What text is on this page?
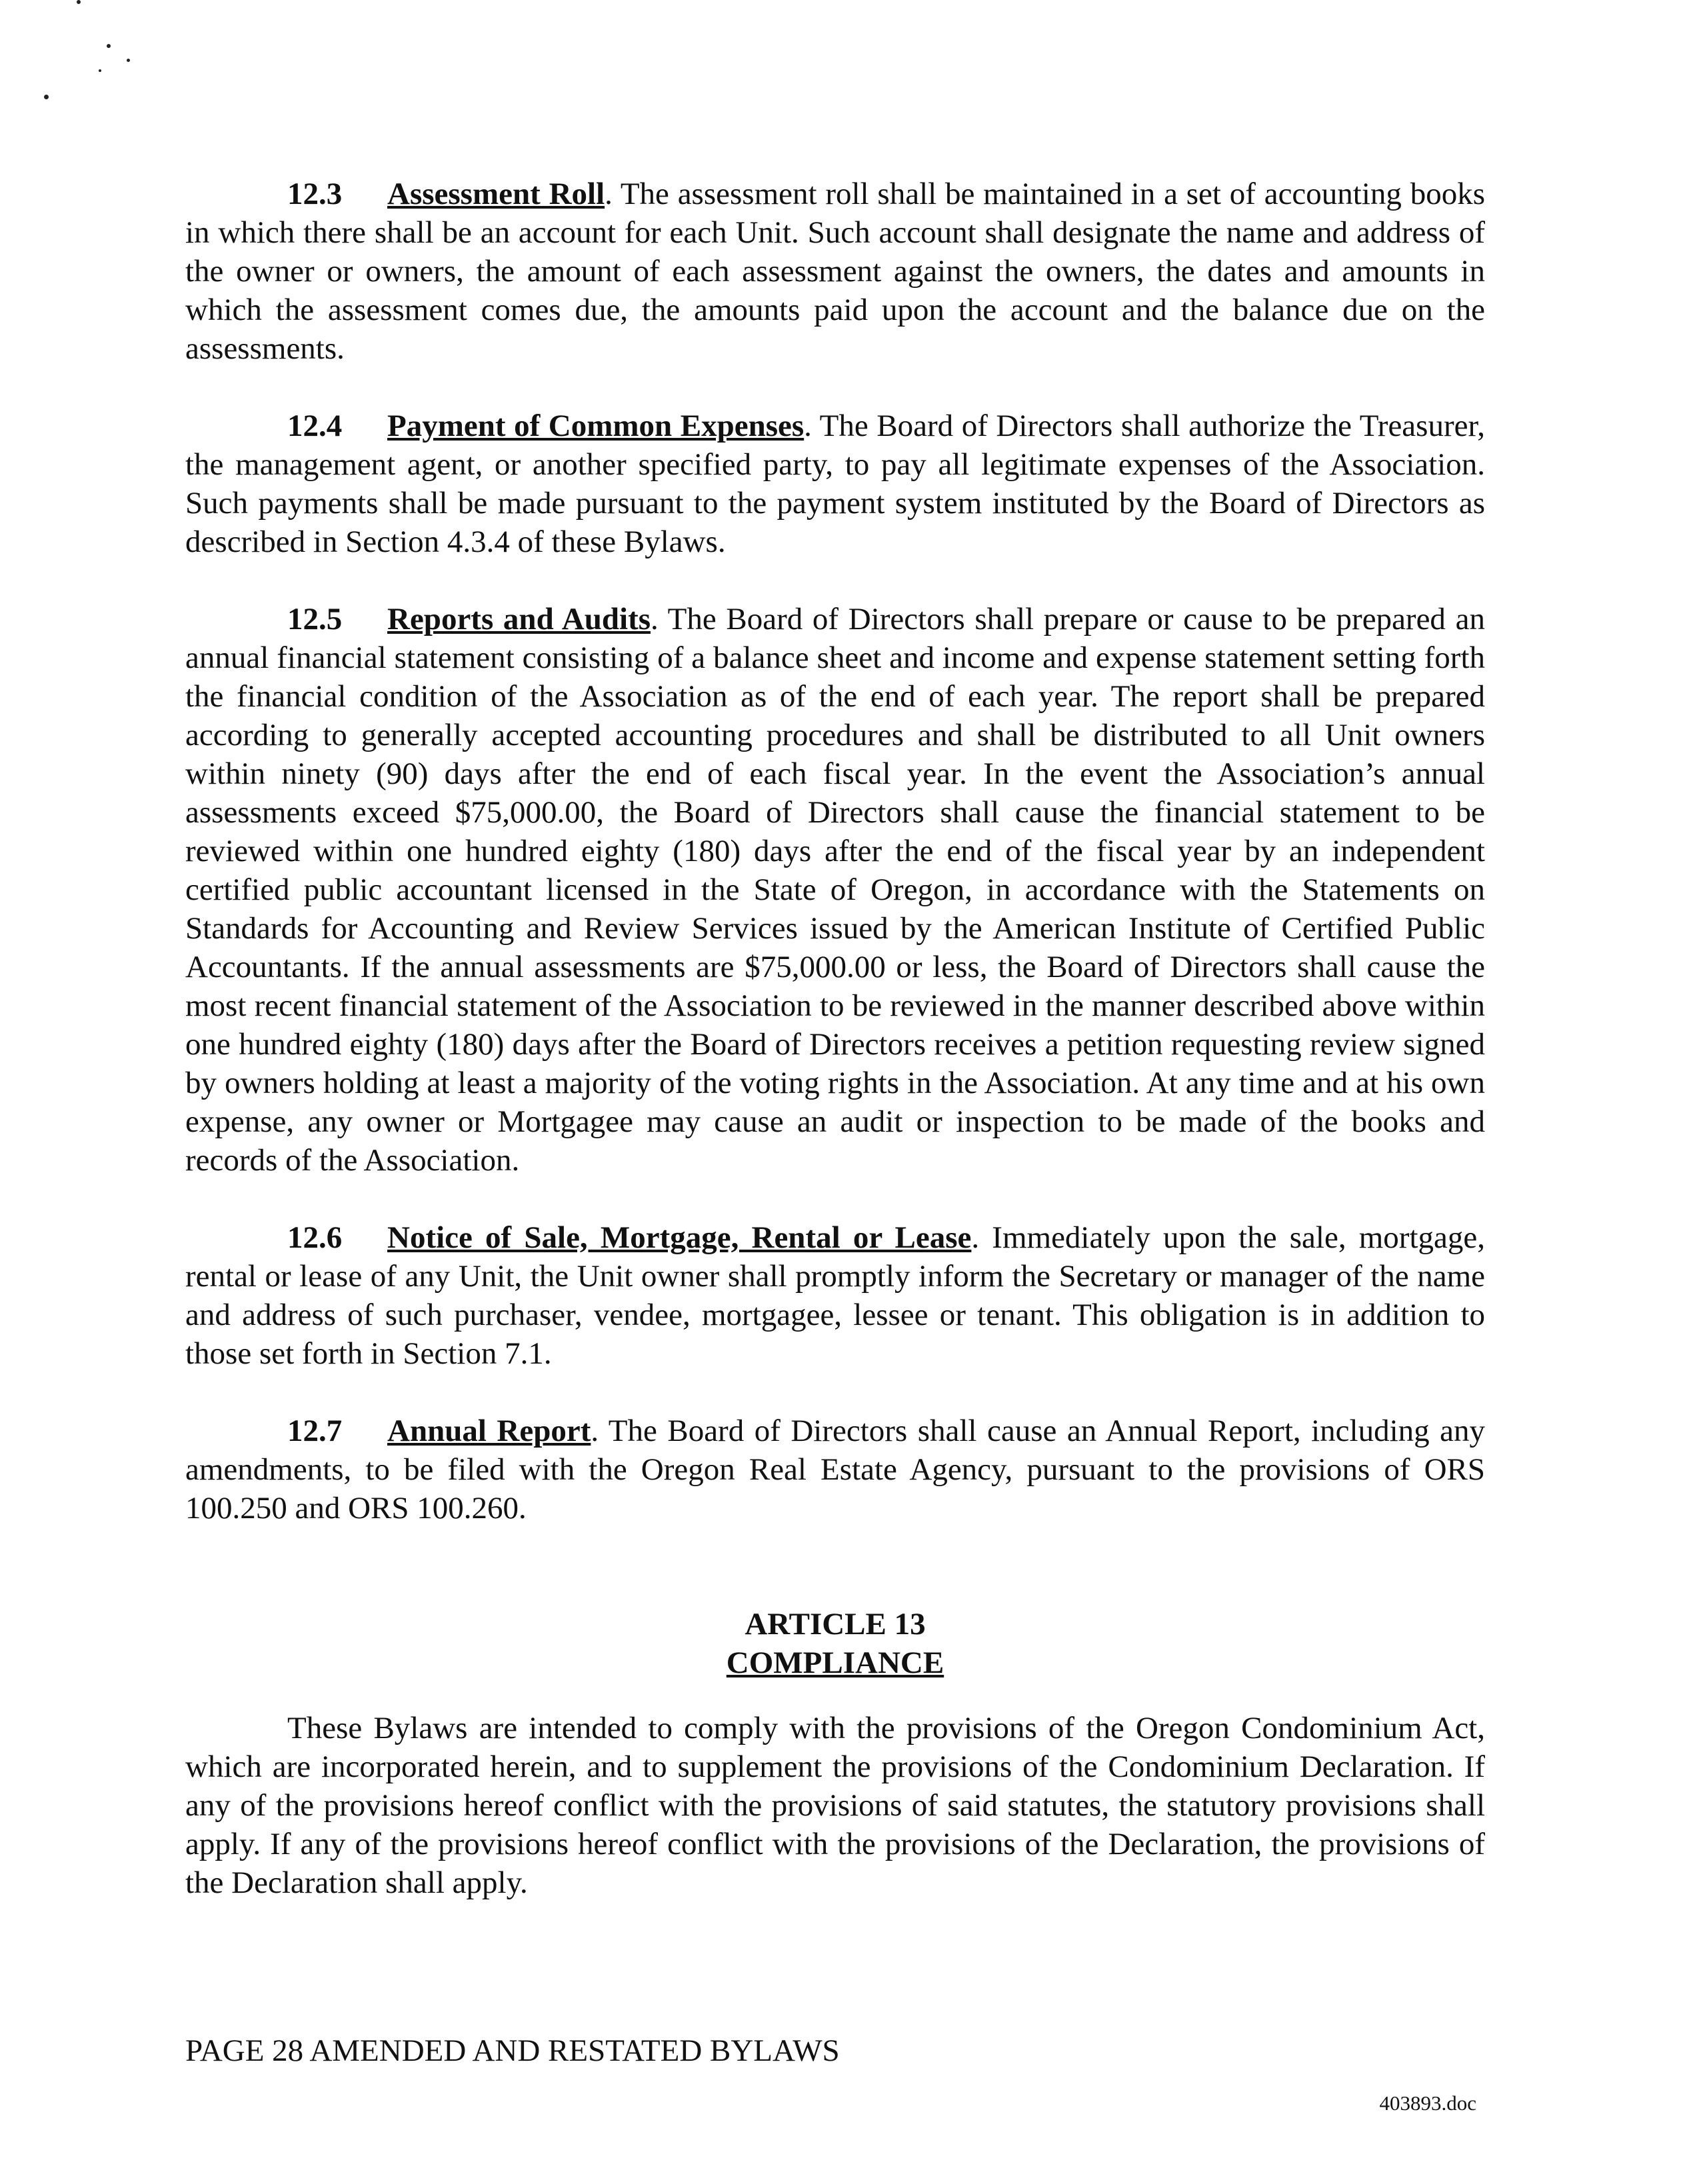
12.3 Assessment Roll. The assessment roll shall be maintained in a set of accounting books in which there shall be an account for each Unit. Such account shall designate the name and address of the owner or owners, the amount of each assessment against the owners, the dates and amounts in which the assessment comes due, the amounts paid upon the account and the balance due on the assessments.

12.4 Payment of Common Expenses. The Board of Directors shall authorize the Treasurer, the management agent, or another specified party, to pay all legitimate expenses of the Association. Such payments shall be made pursuant to the payment system instituted by the Board of Directors as described in Section 4.3.4 of these Bylaws.

12.5 Reports and Audits. The Board of Directors shall prepare or cause to be prepared an annual financial statement consisting of a balance sheet and income and expense statement setting forth the financial condition of the Association as of the end of each year. The report shall be prepared according to generally accepted accounting procedures and shall be distributed to all Unit owners within ninety (90) days after the end of each fiscal year. In the event the Association’s annual assessments exceed $75,000.00, the Board of Directors shall cause the financial statement to be reviewed within one hundred eighty (180) days after the end of the fiscal year by an independent certified public accountant licensed in the State of Oregon, in accordance with the Statements on Standards for Accounting and Review Services issued by the American Institute of Certified Public Accountants. If the annual assessments are $75,000.00 or less, the Board of Directors shall cause the most recent financial statement of the Association to be reviewed in the manner described above within one hundred eighty (180) days after the Board of Directors receives a petition requesting review signed by owners holding at least a majority of the voting rights in the Association. At any time and at his own expense, any owner or Mortgagee may cause an audit or inspection to be made of the books and records of the Association.

12.6 Notice of Sale, Mortgage, Rental or Lease. Immediately upon the sale, mortgage, rental or lease of any Unit, the Unit owner shall promptly inform the Secretary or manager of the name and address of such purchaser, vendee, mortgagee, lessee or tenant. This obligation is in addition to those set forth in Section 7.1.

12.7 Annual Report. The Board of Directors shall cause an Annual Report, including any amendments, to be filed with the Oregon Real Estate Agency, pursuant to the provisions of ORS 100.250 and ORS 100.260.

ARTICLE 13
COMPLIANCE

These Bylaws are intended to comply with the provisions of the Oregon Condominium Act, which are incorporated herein, and to supplement the provisions of the Condominium Declaration. If any of the provisions hereof conflict with the provisions of said statutes, the statutory provisions shall apply. If any of the provisions hereof conflict with the provisions of the Declaration, the provisions of the Declaration shall apply.

PAGE 28 AMENDED AND RESTATED BYLAWS
403893.doc
